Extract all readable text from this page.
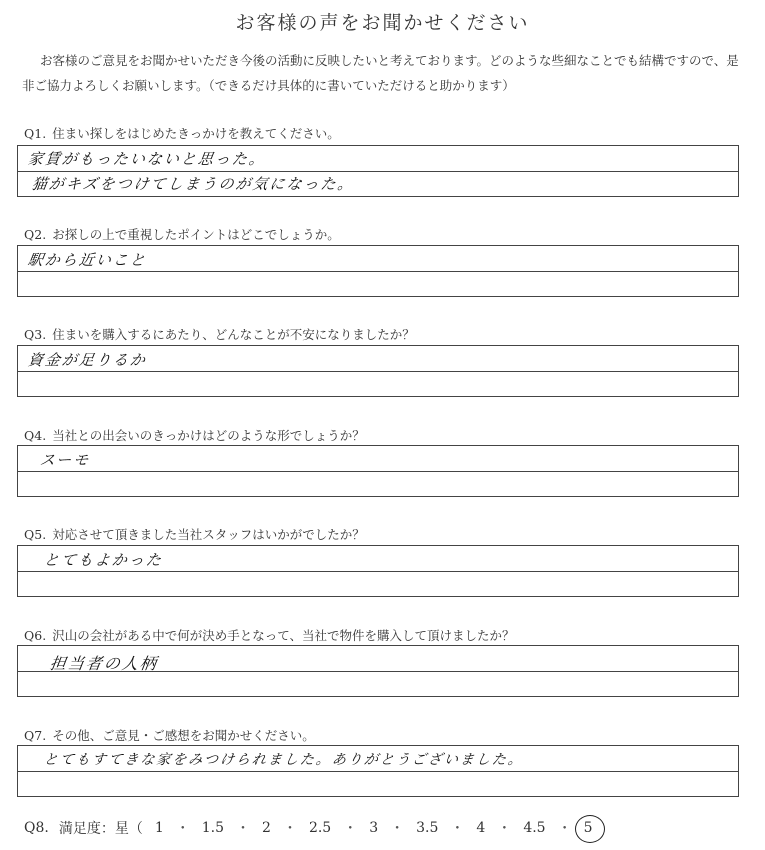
お客様の声をお聞かせください
お客様のご意見をお聞かせいただき今後の活動に反映したいと考えております。どのような些細なことでも結構ですので、是非ご協力よろしくお願いします。（できるだけ具体的に書いていただけると助かります）
Q1. 住まい探しをはじめたきっかけを教えてください。
家賃がもったいないと思った。
猫がキズをつけてしまうのが気になった。
Q2. お探しの上で重視したポイントはどこでしょうか。
駅から近いこと
Q3. 住まいを購入するにあたり、どんなことが不安になりましたか？
資金が足りるか
Q4. 当社との出会いのきっかけはどのような形でしょうか？
スーモ
Q5. 対応させて頂きました当社スタッフはいかがでしたか？
とてもよかった
Q6. 沢山の会社がある中で何が決め手となって、当社で物件を購入して頂けましたか？
担当者の人柄
Q7. その他、ご意見・ご感想をお聞かせください。
とてもすてきな家をみつけられました。ありがとうございました。
Q8. 満足度：星（ 1 ・ 1.5 ・ 2 ・ 2.5 ・ 3 ・ 3.5 ・ 4 ・ 4.5 ・ 5
